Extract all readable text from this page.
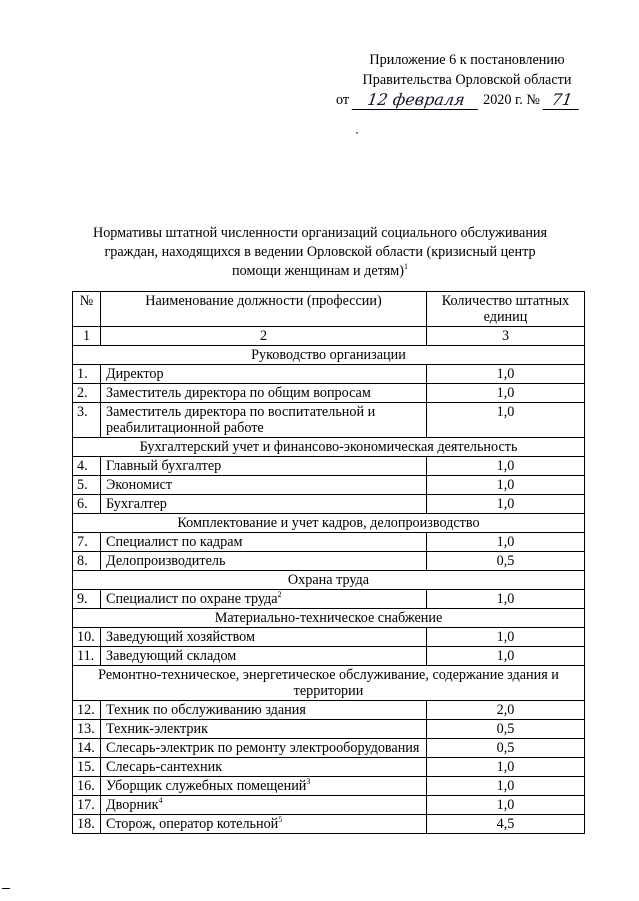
Приложение 6 к постановлению
Правительства Орловской области
от	12 февраля	2020 г. № 71
Нормативы штатной численности организаций социального обслуживания граждан, находящихся в ведении Орловской области (кризисный центр помощи женщинам и детям)$^1$
№	Наименование должности (профессии)	Количество штатных единиц
1	2	3
Руководство организации		
1.	Директор	1,0
2.	Заместитель директора по общим вопросам	1,0
3.	Заместитель директора по воспитательной и реабилитационной работе	1,0
Бухгалтерский учет и финансово-экономическая деятельность		
4.	Главный бухгалтер	1,0
5.	Экономист	1,0
6.	Бухгалтер	1,0
Комплектование и учет кадров, делопроизводство		
7.	Специалист по кадрам	1,0
8.	Делопроизводитель	0,5
Охрана труда		
9.	Специалист по охране труда$^2$	1,0
Материально-техническое снабжение		
10.	Заведующий хозяйством	1,0
11.	Заведующий складом	1,0
Ремонтно-техническое, энергетическое обслуживание, содержание здания и территории		
12.	Техник по обслуживанию здания	2,0
13.	Техник-электрик	0,5
14.	Слесарь-электрик по ремонту электрооборудования	0,5
15.	Слесарь-сантехник	1,0
16.	Уборщик служебных помещений$^3$	1,0
17.	Дворник$^4$	1,0
18.	Сторож, оператор котельной$^5$	4,5
